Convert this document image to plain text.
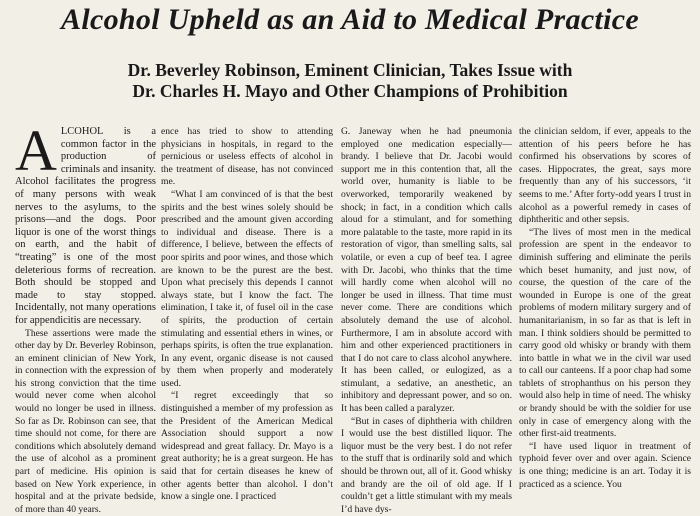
Alcohol Upheld as an Aid to Medical Practice
Dr. Beverley Robinson, Eminent Clinician, Takes Issue with
Dr. Charles H. Mayo and Other Champions of Prohibition

ALCOHOL is a common factor in the production of criminals and insanity. Alcohol facilitates the progress of many persons with weak nerves to the asylums, to the prisons—and the dogs. Poor liquor is one of the worst things on earth, and the habit of “treating” is one of the most deleterious forms of recreation. Both should be stopped and made to stay stopped. Incidentally, not many operations for appendicitis are necessary.

These assertions were made the other day by Dr. Beverley Robinson, an eminent clinician of New York, in connection with the expression of his strong conviction that the time would never come when alcohol would no longer be used in illness. So far as Dr. Robinson can see, that time should not come, for there are conditions which absolutely demand the use of alcohol as a prominent part of medicine. His opinion is based on New York experience, in hospital and at the private bedside, of more than 40 years.

ence has tried to show to attending physicians in hospitals, in regard to the pernicious or useless effects of alcohol in the treatment of disease, has not convinced me.

“What I am convinced of is that the best spirits and the best wines solely should be prescribed and the amount given according to individual and disease. There is a difference, I believe, between the effects of poor spirits and poor wines, and those which are known to be the purest are the best. Upon what precisely this depends I cannot always state, but I know the fact. The elimination, I take it, of fusel oil in the case of spirits, the production of certain stimulating and essential ethers in wines, or perhaps spirits, is often the true explanation. In any event, organic disease is not caused by them when properly and moderately used.

“I regret exceedingly that so distinguished a member of my profession as the President of the American Medical Association should support a now widespread and great fallacy. Dr. Mayo is a great authority; he is a great surgeon. He has said that for certain diseases he knew of other agents better than alcohol. I don’t know a single one. I practiced

G. Janeway when he had pneumonia employed one medication especially—brandy. I believe that Dr. Jacobi would support me in this contention that, all the world over, humanity is liable to be overworked, temporarily weakened by shock; in fact, in a condition which calls aloud for a stimulant, and for something more palatable to the taste, more rapid in its restoration of vigor, than smelling salts, sal volatile, or even a cup of beef tea. I agree with Dr. Jacobi, who thinks that the time will hardly come when alcohol will no longer be used in illness. That time must never come. There are conditions which absolutely demand the use of alcohol. Furthermore, I am in absolute accord with him and other experienced practitioners in that I do not care to class alcohol anywhere. It has been called, or eulogized, as a stimulant, a sedative, an anesthetic, an inhibitory and depressant power, and so on. It has been called a paralyzer.

“But in cases of diphtheria with children I would use the best distilled liquor. The liquor must be the very best. I do not refer to the stuff that is ordinarily sold and which should be thrown out, all of it. Good whisky and brandy are the oil of old age. If I couldn’t get a little stimulant with my meals I’d have dys-

the clinician seldom, if ever, appeals to the attention of his peers before he has confirmed his observations by scores of cases. Hippocrates, the great, says more frequently than any of his successors, ‘it seems to me.’ After forty-odd years I trust in alcohol as a powerful remedy in cases of diphtheritic and other sepsis.

“The lives of most men in the medical profession are spent in the endeavor to diminish suffering and eliminate the perils which beset humanity, and just now, of course, the question of the care of the wounded in Europe is one of the great problems of modern military surgery and of humanitarianism, in so far as that is left in man. I think soldiers should be permitted to carry good old whisky or brandy with them into battle in what we in the civil war used to call our canteens. If a poor chap had some tablets of strophanthus on his person they would also help in time of need. The whisky or brandy should be with the soldier for use only in case of emergency along with the other first-aid treatments.

“I have used liquor in treatment of typhoid fever over and over again. Science is one thing; medicine is an art. Today it is practiced as a science. You
